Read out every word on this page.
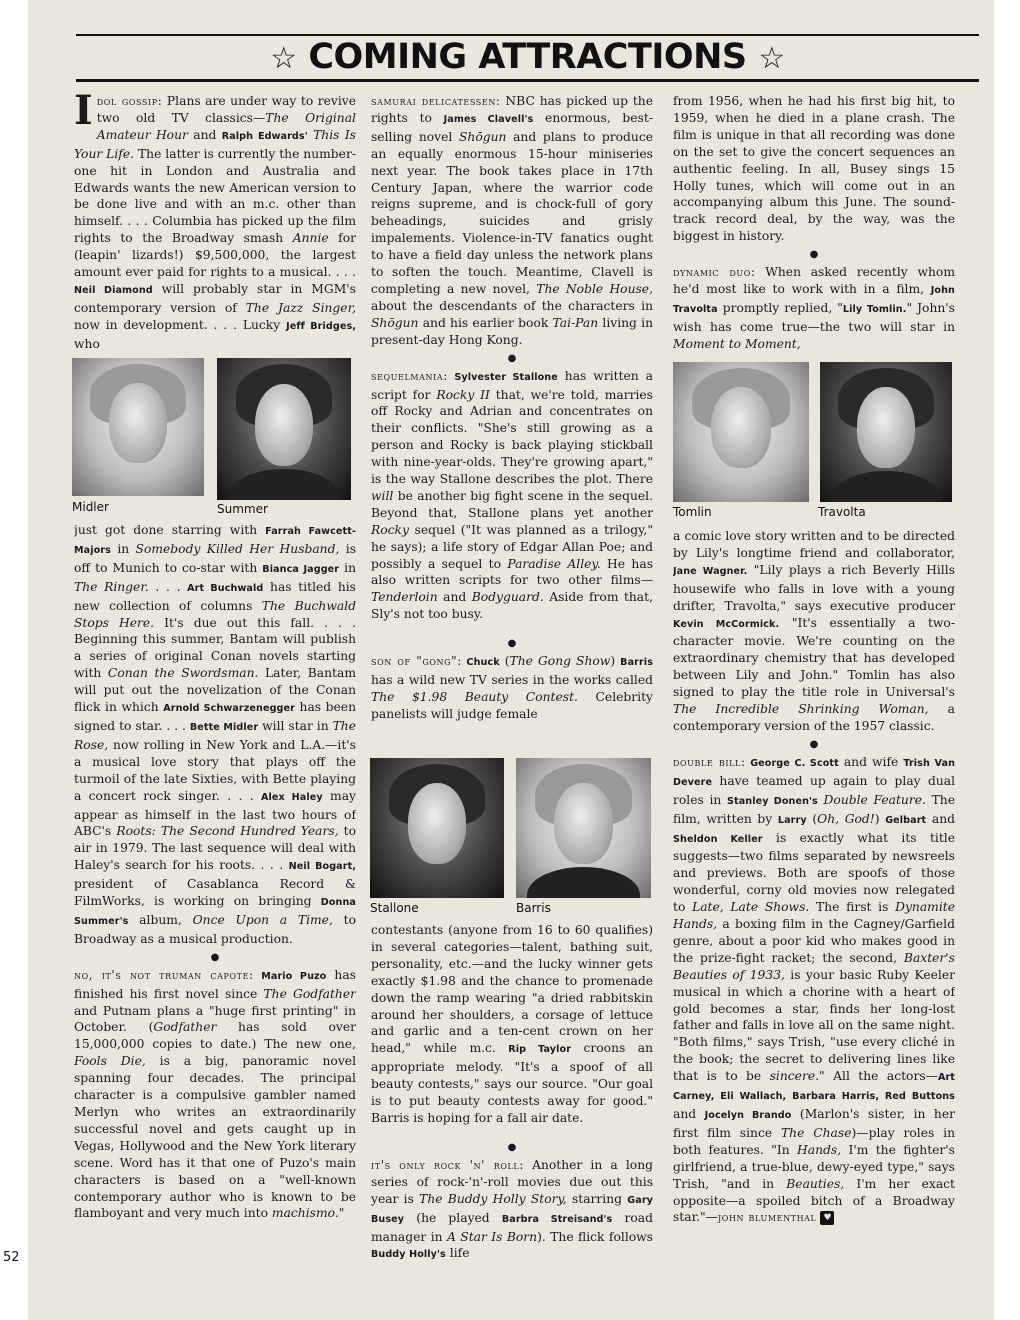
☆ COMING ATTRACTIONS ☆

Idol gossip: Plans are under way to revive two old TV classics—The Original Amateur Hour and Ralph Edwards' This Is Your Life. The latter is currently the number-one hit in London and Australia and Edwards wants the new American version to be done live and with an m.c. other than himself. . . . Columbia has picked up the film rights to the Broadway smash Annie for (leapin' lizards!) $9,500,000, the largest amount ever paid for rights to a musical. . . . Neil Diamond will probably star in MGM's contemporary version of The Jazz Singer, now in development. . . . Lucky Jeff Bridges, who

Midler	Summer

just got done starring with Farrah Fawcett-Majors in Somebody Killed Her Husband, is off to Munich to co-star with Bianca Jagger in The Ringer. . . . Art Buchwald has titled his new collection of columns The Buchwald Stops Here. It's due out this fall. . . . Beginning this summer, Bantam will publish a series of original Conan novels starting with Conan the Swordsman. Later, Bantam will put out the novelization of the Conan flick in which Arnold Schwarzenegger has been signed to star. . . . Bette Midler will star in The Rose, now rolling in New York and L.A.—it's a musical love story that plays off the turmoil of the late Sixties, with Bette playing a concert rock singer. . . . Alex Haley may appear as himself in the last two hours of ABC's Roots: The Second Hundred Years, to air in 1979. The last sequence will deal with Haley's search for his roots. . . . Neil Bogart, president of Casablanca Record & FilmWorks, is working on bringing Donna Summer's album, Once Upon a Time, to Broadway as a musical production.

●

no, it's not truman capote: Mario Puzo has finished his first novel since The Godfather and Putnam plans a "huge first printing" in October. (Godfather has sold over 15,000,000 copies to date.) The new one, Fools Die, is a big, panoramic novel spanning four decades. The principal character is a compulsive gambler named Merlyn who writes an extraordinarily successful novel and gets caught up in Vegas, Hollywood and the New York literary scene. Word has it that one of Puzo's main characters is based on a "well-known contemporary author who is known to be flamboyant and very much into machismo."

samurai delicatessen: NBC has picked up the rights to James Clavell's enormous, best-selling novel Shōgun and plans to produce an equally enormous 15-hour miniseries next year. The book takes place in 17th Century Japan, where the warrior code reigns supreme, and is chock-full of gory beheadings, suicides and grisly impalements. Violence-in-TV fanatics ought to have a field day unless the network plans to soften the touch. Meantime, Clavell is completing a new novel, The Noble House, about the descendants of the characters in Shōgun and his earlier book Tai-Pan living in present-day Hong Kong.

●

sequelmania: Sylvester Stallone has written a script for Rocky II that, we're told, marries off Rocky and Adrian and concentrates on their conflicts. "She's still growing as a person and Rocky is back playing stickball with nine-year-olds. They're growing apart," is the way Stallone describes the plot. There will be another big fight scene in the sequel. Beyond that, Stallone plans yet another Rocky sequel ("It was planned as a trilogy," he says); a life story of Edgar Allan Poe; and possibly a sequel to Paradise Alley. He has also written scripts for two other films—Tenderloin and Bodyguard. Aside from that, Sly's not too busy.

●

son of "gong": Chuck (The Gong Show) Barris has a wild new TV series in the works called The $1.98 Beauty Contest. Celebrity panelists will judge female

Stallone	Barris

contestants (anyone from 16 to 60 qualifies) in several categories—talent, bathing suit, personality, etc.—and the lucky winner gets exactly $1.98 and the chance to promenade down the ramp wearing "a dried rabbitskin around her shoulders, a corsage of lettuce and garlic and a ten-cent crown on her head," while m.c. Rip Taylor croons an appropriate melody. "It's a spoof of all beauty contests," says our source. "Our goal is to put beauty contests away for good." Barris is hoping for a fall air date.

●

it's only rock 'n' roll: Another in a long series of rock-'n'-roll movies due out this year is The Buddy Holly Story, starring Gary Busey (he played Barbra Streisand's road manager in A Star Is Born). The flick follows Buddy Holly's life

from 1956, when he had his first big hit, to 1959, when he died in a plane crash. The film is unique in that all recording was done on the set to give the concert sequences an authentic feeling. In all, Busey sings 15 Holly tunes, which will come out in an accompanying album this June. The sound-track record deal, by the way, was the biggest in history.

●

dynamic duo: When asked recently whom he'd most like to work with in a film, John Travolta promptly replied, "Lily Tomlin." John's wish has come true—the two will star in Moment to Moment,

Tomlin	Travolta

a comic love story written and to be directed by Lily's longtime friend and collaborator, Jane Wagner. "Lily plays a rich Beverly Hills housewife who falls in love with a young drifter, Travolta," says executive producer Kevin McCormick. "It's essentially a two-character movie. We're counting on the extraordinary chemistry that has developed between Lily and John." Tomlin has also signed to play the title role in Universal's The Incredible Shrinking Woman, a contemporary version of the 1957 classic.

●

double bill: George C. Scott and wife Trish Van Devere have teamed up again to play dual roles in Stanley Donen's Double Feature. The film, written by Larry (Oh, God!) Gelbart and Sheldon Keller is exactly what its title suggests—two films separated by newsreels and previews. Both are spoofs of those wonderful, corny old movies now relegated to Late, Late Shows. The first is Dynamite Hands, a boxing film in the Cagney/Garfield genre, about a poor kid who makes good in the prize-fight racket; the second, Baxter's Beauties of 1933, is your basic Ruby Keeler musical in which a chorine with a heart of gold becomes a star, finds her long-lost father and falls in love all on the same night. "Both films," says Trish, "use every cliché in the book; the secret to delivering lines like that is to be sincere." All the actors—Art Carney, Eli Wallach, Barbara Harris, Red Buttons and Jocelyn Brando (Marlon's sister, in her first film since The Chase)—play roles in both features. "In Hands, I'm the fighter's girlfriend, a true-blue, dewy-eyed type," says Trish, "and in Beauties, I'm her exact opposite—a spoiled bitch of a Broadway star."—john blumenthal ♥

52
